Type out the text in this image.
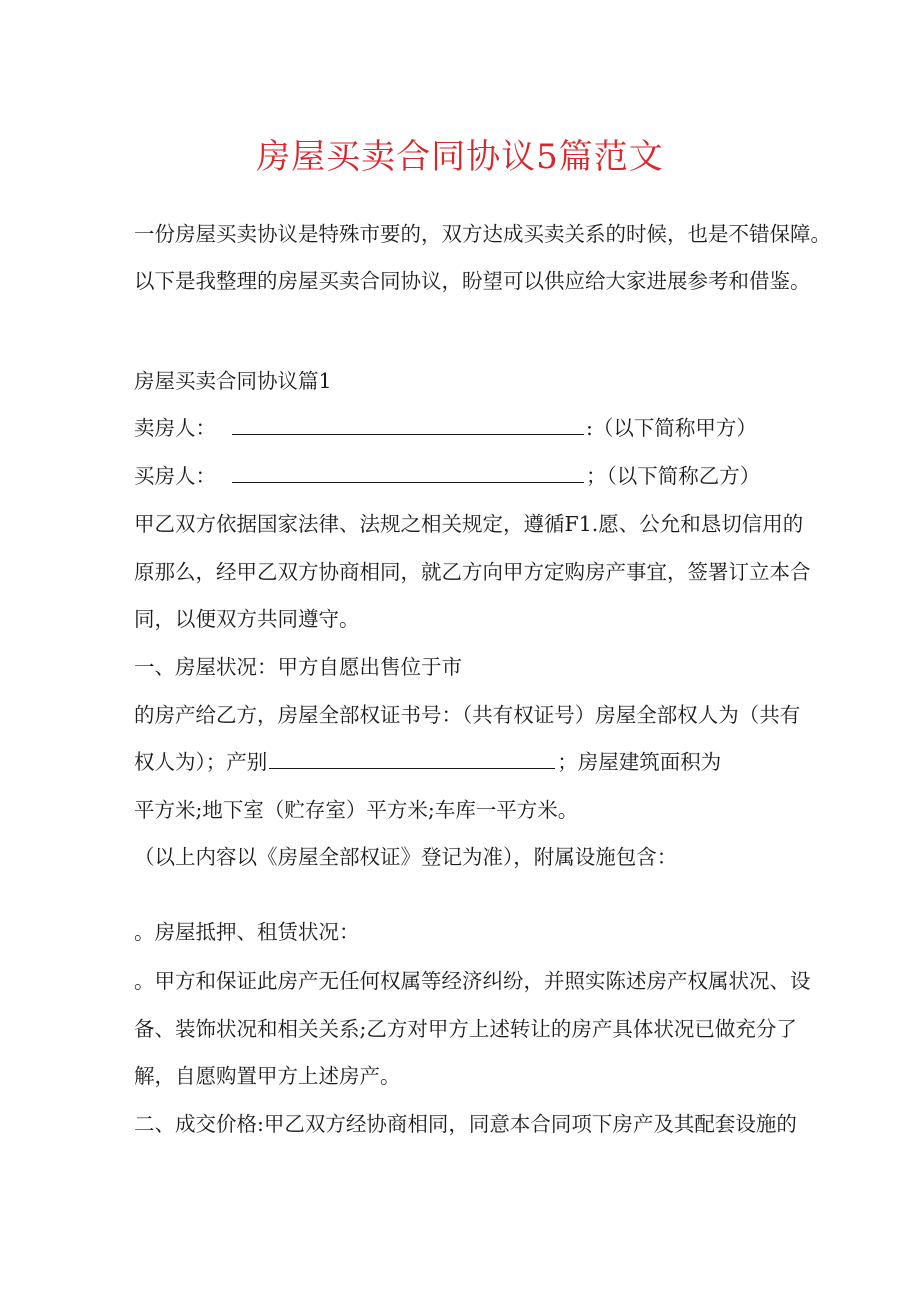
房屋买卖合同协议5篇范文
一份房屋买卖协议是特殊市要的，双方达成买卖关系的时候，也是不错保障。
以下是我整理的房屋买卖合同协议，盼望可以供应给大家进展参考和借鉴。
房屋买卖合同协议篇1
卖房人：	:（以下简称甲方）
买房人：	；（以下简称乙方）
甲乙双方依据国家法律、法规之相关规定，遵循F1.愿、公允和恳切信用的
原那么，经甲乙双方协商相同，就乙方向甲方定购房产事宜，签署订立本合
同，以便双方共同遵守。
一、房屋状况：甲方自愿出售位于市
的房产给乙方，房屋全部权证书号：（共有权证号）房屋全部权人为（共有
权人为）；产别	；房屋建筑面积为
平方米;地下室（贮存室）平方米;车库一平方米。
（以上内容以《房屋全部权证》登记为准），附属设施包含：
。房屋抵押、租赁状况：
。甲方和保证此房产无任何权属等经济纠纷，并照实陈述房产权属状况、设
备、装饰状况和相关关系;乙方对甲方上述转让的房产具体状况已做充分了
解，自愿购置甲方上述房产。
二、成交价格:甲乙双方经协商相同，同意本合同项下房产及其配套设施的
